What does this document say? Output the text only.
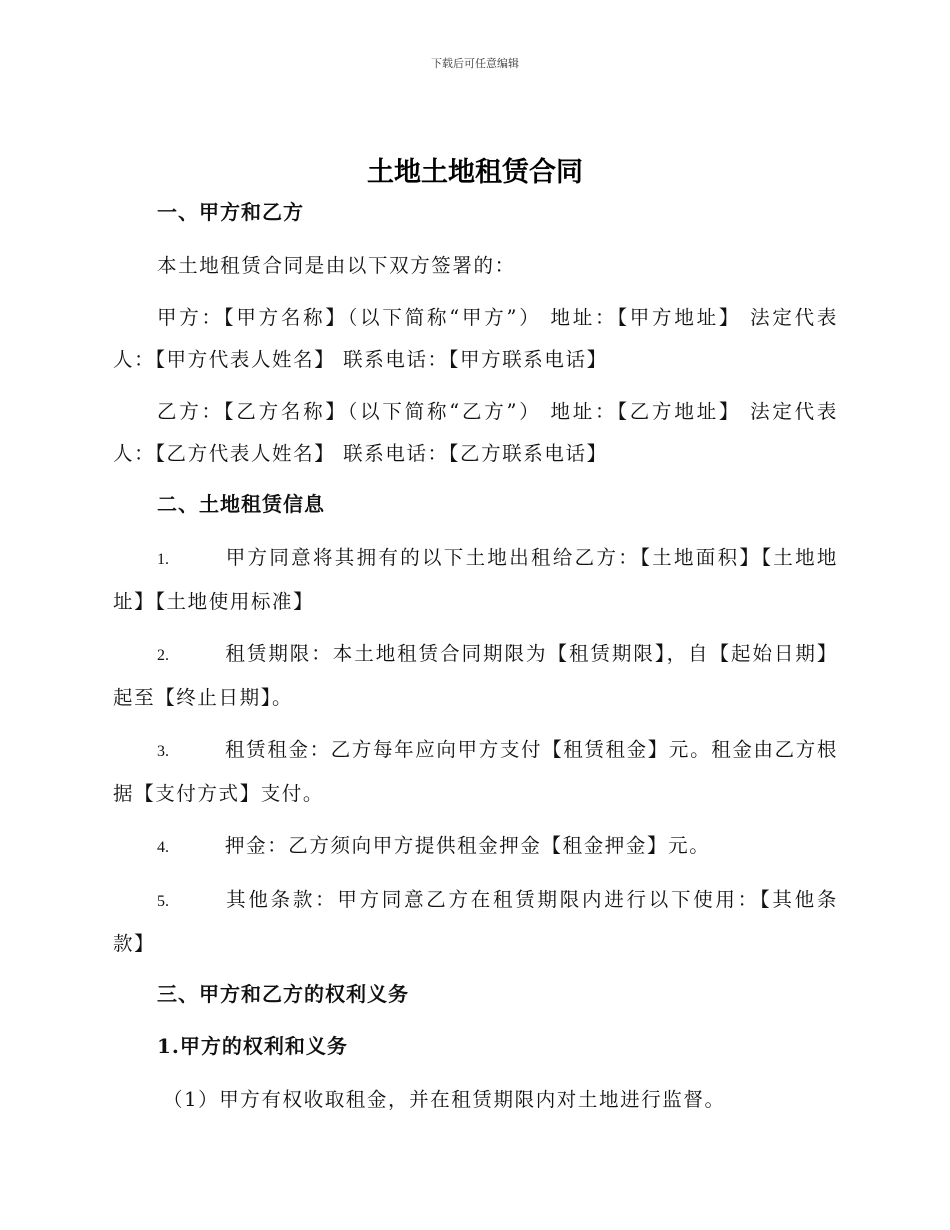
下载后可任意编辑
土地土地租赁合同
一、甲方和乙方
本土地租赁合同是由以下双方签署的：
甲方：【甲方名称】（以下简称“甲方”） 地址：【甲方地址】 法定代表人：【甲方代表人姓名】 联系电话：【甲方联系电话】
乙方：【乙方名称】（以下简称“乙方”） 地址：【乙方地址】 法定代表人：【乙方代表人姓名】 联系电话：【乙方联系电话】
二、土地租赁信息
1.	甲方同意将其拥有的以下土地出租给乙方：【土地面积】【土地地址】【土地使用标准】
2.	租赁期限：本土地租赁合同期限为【租赁期限】，自【起始日期】起至【终止日期】。
3.	租赁租金：乙方每年应向甲方支付【租赁租金】元。租金由乙方根据【支付方式】支付。
4.	押金：乙方须向甲方提供租金押金【租金押金】元。
5.	其他条款：甲方同意乙方在租赁期限内进行以下使用：【其他条款】
三、甲方和乙方的权利义务
1.甲方的权利和义务
（1）甲方有权收取租金，并在租赁期限内对土地进行监督。
